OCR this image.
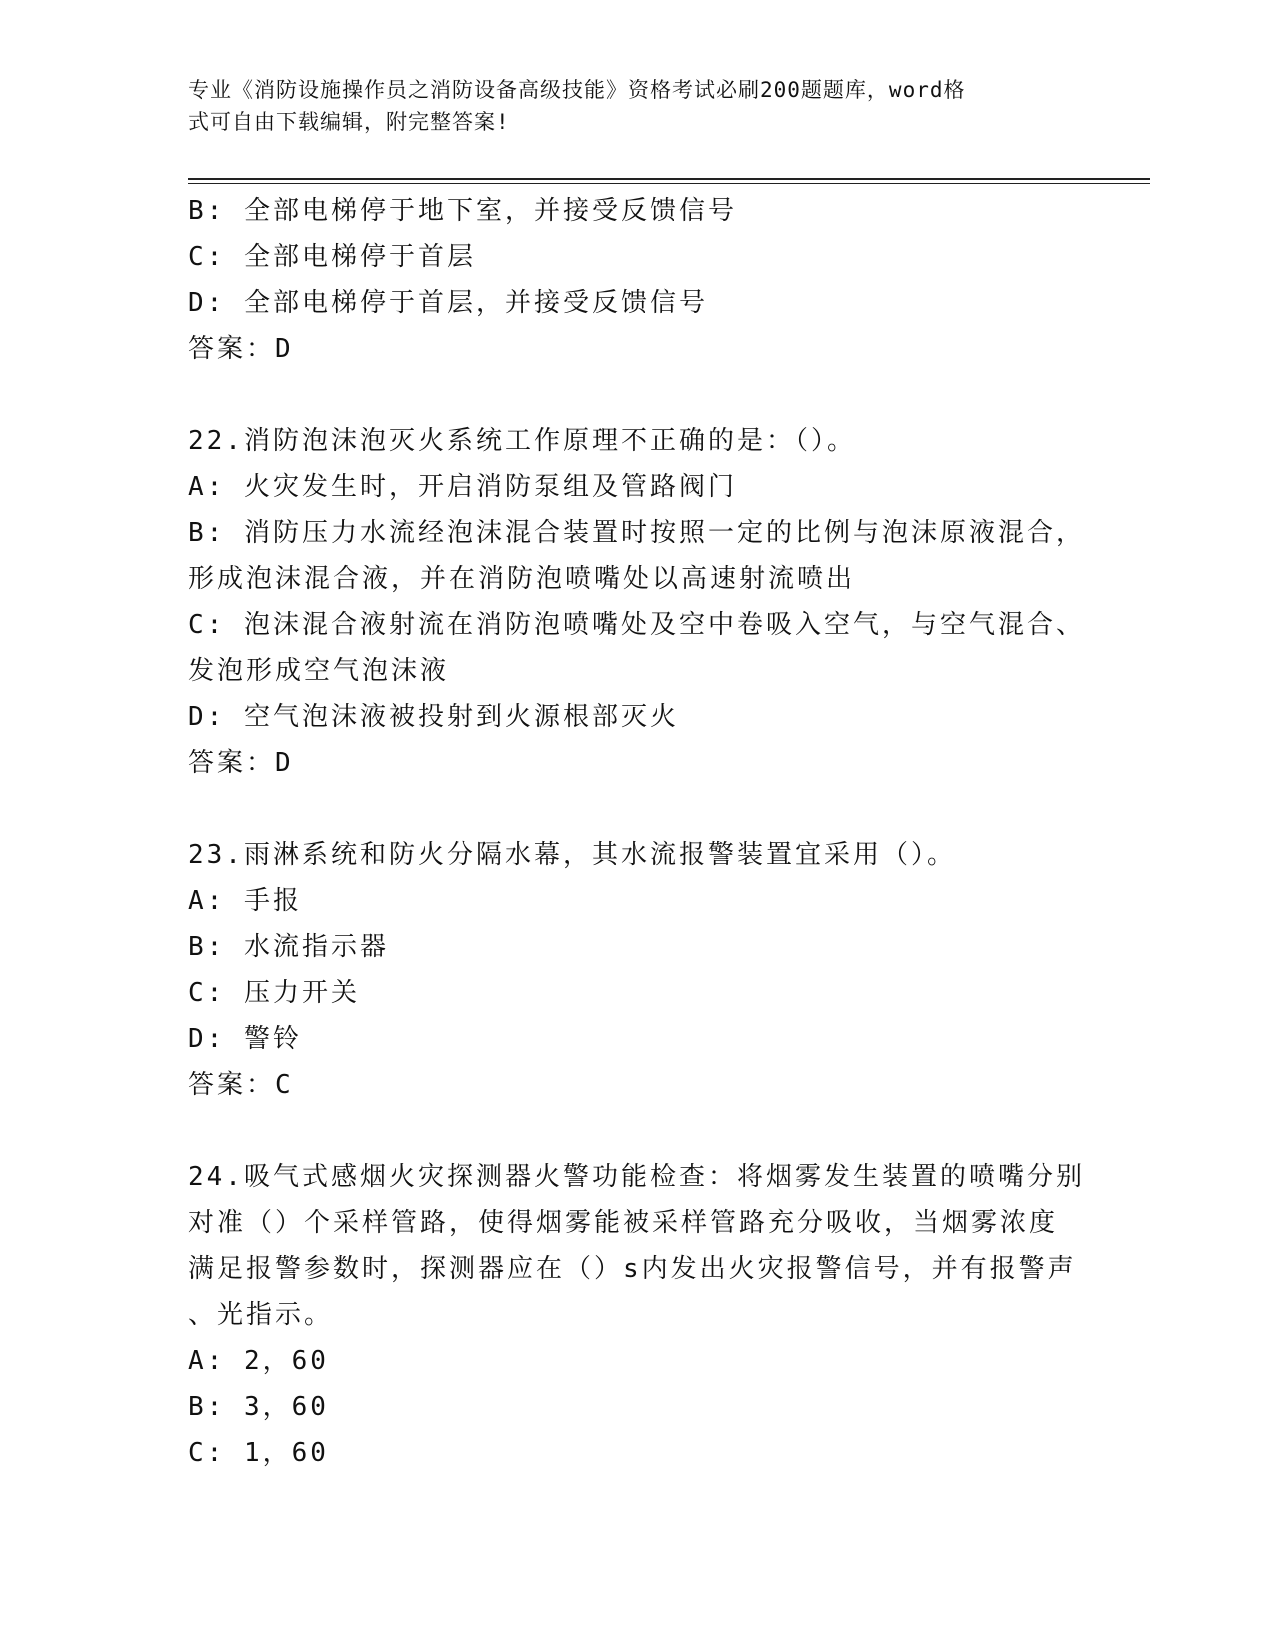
专业《消防设施操作员之消防设备高级技能》资格考试必刷200题题库，word格
式可自由下载编辑，附完整答案!
B: 全部电梯停于地下室，并接受反馈信号
C: 全部电梯停于首层
D: 全部电梯停于首层，并接受反馈信号
答案：D
22.消防泡沫泡灭火系统工作原理不正确的是：（）。
A: 火灾发生时，开启消防泵组及管路阀门
B: 消防压力水流经泡沫混合装置时按照一定的比例与泡沫原液混合，
形成泡沫混合液，并在消防泡喷嘴处以高速射流喷出
C: 泡沫混合液射流在消防泡喷嘴处及空中卷吸入空气，与空气混合、
发泡形成空气泡沫液
D: 空气泡沫液被投射到火源根部灭火
答案：D
23.雨淋系统和防火分隔水幕，其水流报警装置宜采用（）。
A: 手报
B: 水流指示器
C: 压力开关
D: 警铃
答案：C
24.吸气式感烟火灾探测器火警功能检查：将烟雾发生装置的喷嘴分别
对准（）个采样管路，使得烟雾能被采样管路充分吸收，当烟雾浓度
满足报警参数时，探测器应在（）s内发出火灾报警信号，并有报警声
、光指示。
A: 2，60
B: 3，60
C: 1，60
